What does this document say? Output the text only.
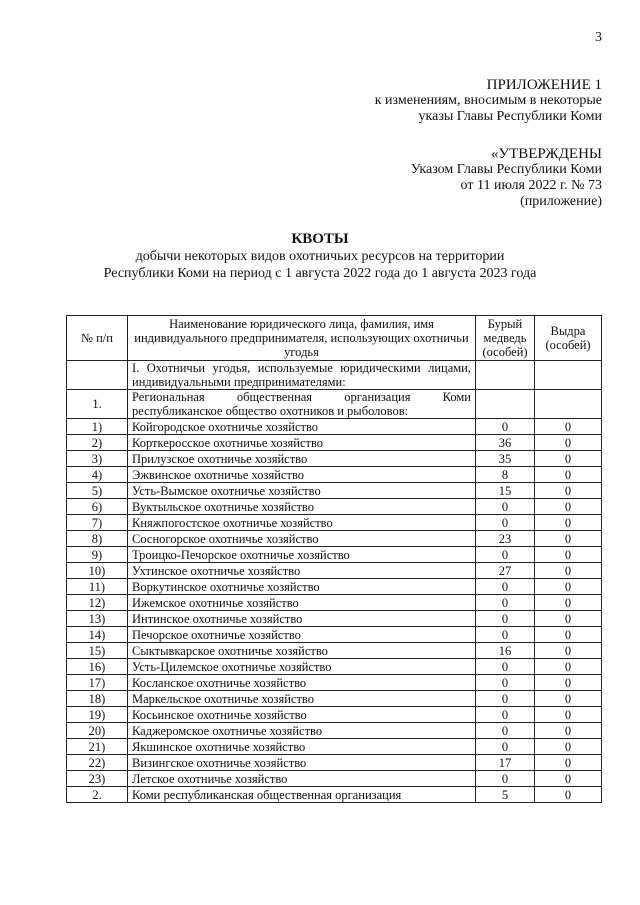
3
ПРИЛОЖЕНИЕ 1
к изменениям, вносимым в некоторые
указы Главы Республики Коми
«УТВЕРЖДЕНЫ
Указом Главы Республики Коми
от 11 июля 2022 г. № 73
(приложение)
КВОТЫ
добычи некоторых видов охотничьих ресурсов на территории
Республики Коми на период с 1 августа 2022 года до 1 августа 2023 года
№ п/п	Наименование юридического лица, фамилия, имя индивидуального предпринимателя, использующих охотничьи угодья	Бурый медведь (особей)	Выдра (особей)
	I. Охотничьи угодья, используемые юридическими лицами,
индивидуальными предпринимателями:		

1.	Региональная общественная организация Коми республиканское общество охотников и рыболовов:		
1)	Койгородское охотничье хозяйство	0	0
2)	Корткеросское охотничье хозяйство	36	0
3)	Прилузское охотничье хозяйство	35	0
4)	Эжвинское охотничье хозяйство	8	0
5)	Усть-Вымское охотничье хозяйство	15	0
6)	Вуктыльское охотничье хозяйство	0	0
7)	Княжпогостское охотничье хозяйство	0	0
8)	Сосногорское охотничье хозяйство	23	0
9)	Троицко-Печорское охотничье хозяйство	0	0
10)	Ухтинское охотничье хозяйство	27	0
11)	Воркутинское охотничье хозяйство	0	0
12)	Ижемское охотничье хозяйство	0	0
13)	Интинское охотничье хозяйство	0	0
14)	Печорское охотничье хозяйство	0	0
15)	Сыктывкарское охотничье хозяйство	16	0
16)	Усть-Цилемское охотничье хозяйство	0	0
17)	Косланское охотничье хозяйство	0	0
18)	Маркельское охотничье хозяйство	0	0
19)	Косьинское охотничье хозяйство	0	0
20)	Каджеромское охотничье хозяйство	0	0
21)	Якшинское охотничье хозяйство	0	0
22)	Визингское охотничье хозяйство	17	0
23)	Летское охотничье хозяйство	0	0
2.	Коми республиканская общественная организация	5	0
